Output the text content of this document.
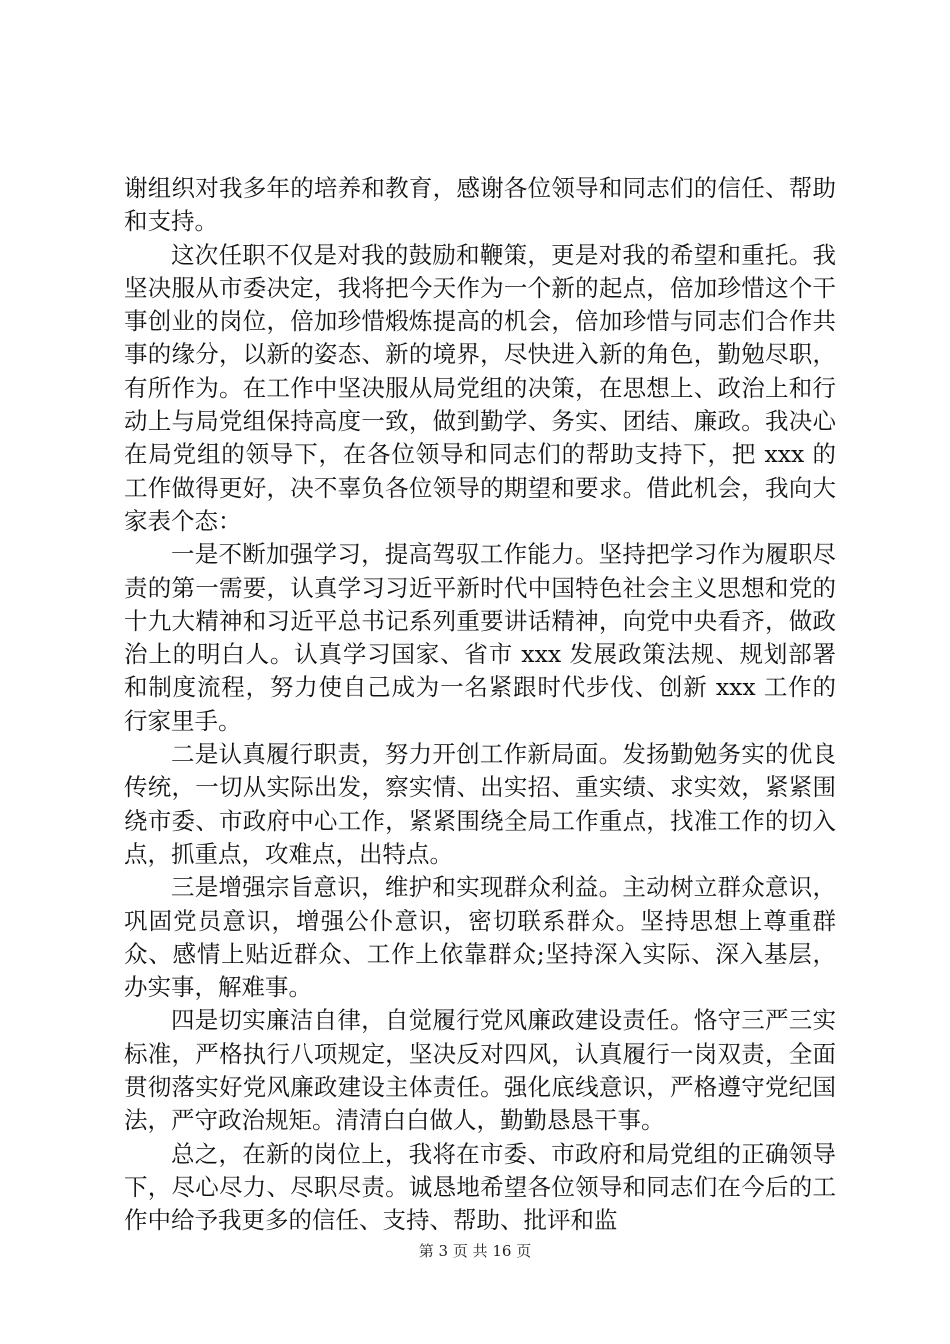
谢组织对我多年的培养和教育，感谢各位领导和同志们的信任、帮助和支持。

这次任职不仅是对我的鼓励和鞭策，更是对我的希望和重托。我坚决服从市委决定，我将把今天作为一个新的起点，倍加珍惜这个干事创业的岗位，倍加珍惜煅炼提高的机会，倍加珍惜与同志们合作共事的缘分，以新的姿态、新的境界，尽快进入新的角色，勤勉尽职，有所作为。在工作中坚决服从局党组的决策，在思想上、政治上和行动上与局党组保持高度一致，做到勤学、务实、团结、廉政。我决心在局党组的领导下，在各位领导和同志们的帮助支持下，把 xxx 的工作做得更好，决不辜负各位领导的期望和要求。借此机会，我向大家表个态：

一是不断加强学习，提高驾驭工作能力。坚持把学习作为履职尽责的第一需要，认真学习习近平新时代中国特色社会主义思想和党的十九大精神和习近平总书记系列重要讲话精神，向党中央看齐，做政治上的明白人。认真学习国家、省市 xxx 发展政策法规、规划部署和制度流程，努力使自己成为一名紧跟时代步伐、创新 xxx 工作的行家里手。

二是认真履行职责，努力开创工作新局面。发扬勤勉务实的优良传统，一切从实际出发，察实情、出实招、重实绩、求实效，紧紧围绕市委、市政府中心工作，紧紧围绕全局工作重点，找准工作的切入点，抓重点，攻难点，出特点。

三是增强宗旨意识，维护和实现群众利益。主动树立群众意识，巩固党员意识，增强公仆意识，密切联系群众。坚持思想上尊重群众、感情上贴近群众、工作上依靠群众;坚持深入实际、深入基层，办实事，解难事。

四是切实廉洁自律，自觉履行党风廉政建设责任。恪守三严三实标准，严格执行八项规定，坚决反对四风，认真履行一岗双责，全面贯彻落实好党风廉政建设主体责任。强化底线意识，严格遵守党纪国法，严守政治规矩。清清白白做人，勤勤恳恳干事。

总之，在新的岗位上，我将在市委、市政府和局党组的正确领导下，尽心尽力、尽职尽责。诚恳地希望各位领导和同志们在今后的工作中给予我更多的信任、支持、帮助、批评和监

第 3 页 共 16 页
